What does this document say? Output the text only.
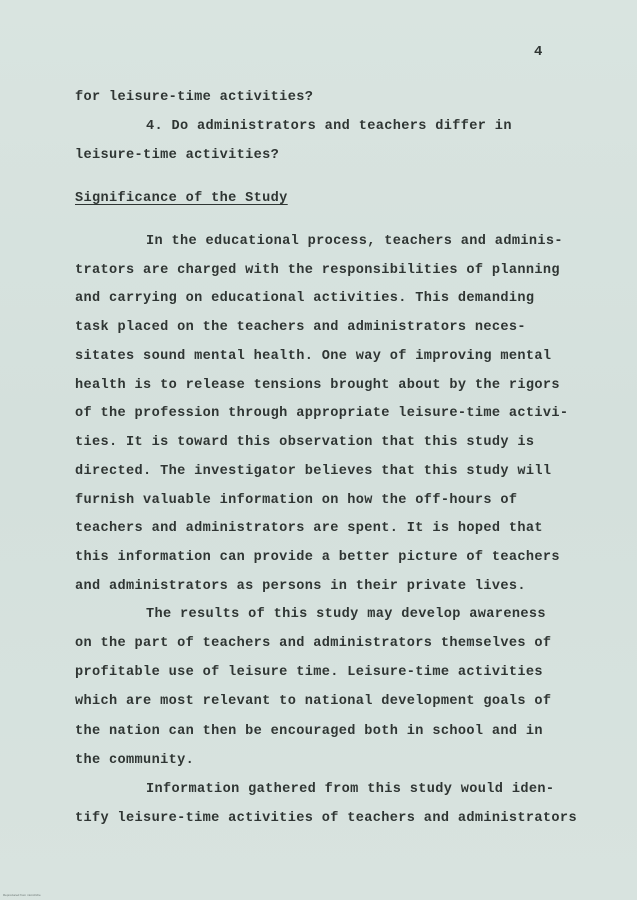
4
for leisure-time activities?
4. Do administrators and teachers differ in
leisure-time activities?
Significance of the Study
In the educational process, teachers and adminis-
trators are charged with the responsibilities of planning
and carrying on educational activities. This demanding
task placed on the teachers and administrators neces-
sitates sound mental health. One way of improving mental
health is to release tensions brought about by the rigors
of the profession through appropriate leisure-time activi-
ties. It is toward this observation that this study is
directed. The investigator believes that this study will
furnish valuable information on how the off-hours of
teachers and administrators are spent. It is hoped that
this information can provide a better picture of teachers
and administrators as persons in their private lives.
The results of this study may develop awareness
on the part of teachers and administrators themselves of
profitable use of leisure time. Leisure-time activities
which are most relevant to national development goals of
the nation can then be encouraged both in school and in
the community.
Information gathered from this study would iden-
tify leisure-time activities of teachers and administrators
Reproduced from microfiche
